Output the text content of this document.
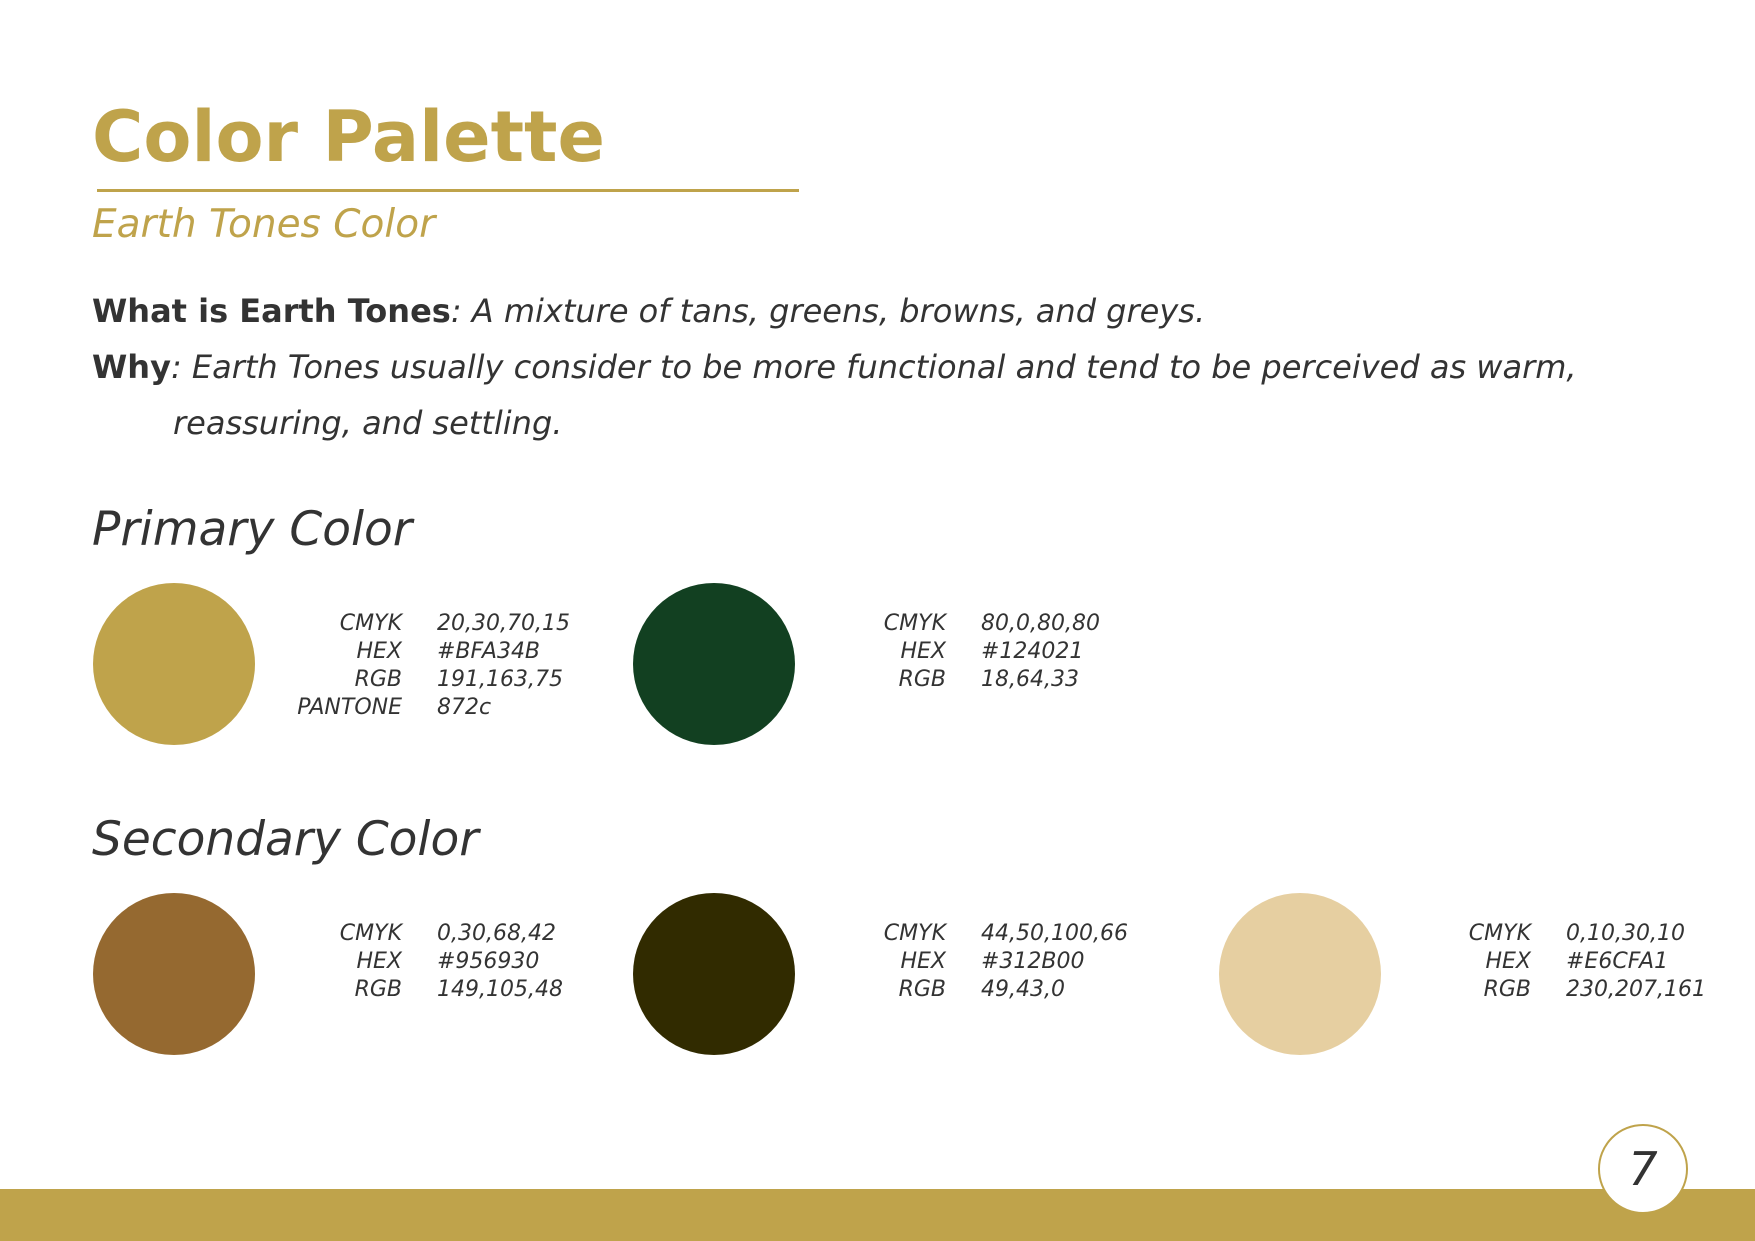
Color Palette
Earth Tones Color
What is Earth Tones: A mixture of tans, greens, browns, and greys.
Why: Earth Tones usually consider to be more functional and tend to be perceived as warm,
reassuring, and settling.
Primary Color
CMYK 20,30,70,15
HEX #BFA34B
RGB 191,163,75
PANTONE 872c
CMYK 80,0,80,80
HEX #124021
RGB 18,64,33
Secondary Color
CMYK 0,30,68,42
HEX #956930
RGB 149,105,48
CMYK 44,50,100,66
HEX #312B00
RGB 49,43,0
CMYK 0,10,30,10
HEX #E6CFA1
RGB 230,207,161
7
